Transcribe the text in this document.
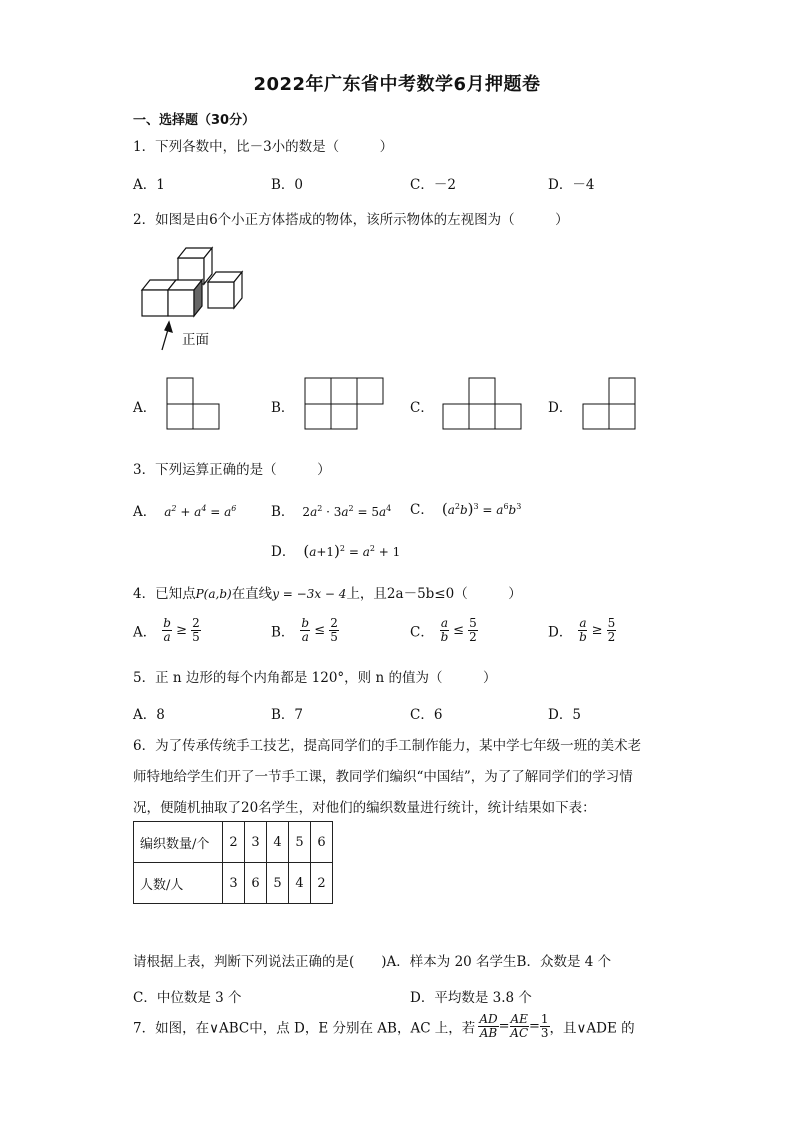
2022年广东省中考数学6月押题卷
一、选择题（30分）
1．下列各数中，比－3小的数是（　　　）
A．1	B．0	C．－2	D．－4
2．如图是由6个小正方体搭成的物体，该所示物体的左视图为（　　　）
正面
A．	B．	C．	D．
3．下列运算正确的是（　　　）
A． $a^2 + a^4 = a^6$	B． $2a^2 \cdot 3a^2 = 5a^4$ C． $(a^2b)^3 = a^6b^3$
D． $(a+1)^2 = a^2 + 1$
4．已知点P(a,b)在直线y = −3x − 4上，且2a－5b≤0（　　　）
A． $\frac{b}{a} \ge \frac{2}{5}$	B． $\frac{b}{a} \le \frac{2}{5}$	C． $\frac{a}{b} \le \frac{5}{2}$	D． $\frac{a}{b} \ge \frac{5}{2}$
5．正 n 边形的每个内角都是 120°，则 n 的值为（　　　）
A．8	B．7	C．6	D．5
6．为了传承传统手工技艺，提高同学们的手工制作能力，某中学七年级一班的美术老
师特地给学生们开了一节手工课，教同学们编织“中国结”，为了了解同学们的学习情
况，便随机抽取了20名学生，对他们的编织数量进行统计，统计结果如下表：
编织数量/个	2	3	4	5	6
人数/人	3	6	5	4	2
请根据上表，判断下列说法正确的是(　　)A．样本为 20 名学生B．众数是 4 个
C．中位数是 3 个	D．平均数是 3.8 个
7．如图，在∨ABC中，点 D，E 分别在 AB，AC 上，若 $\frac{AD}{AB} = \frac{AE}{AC} = \frac{1}{3}$ ，且∨ADE 的
